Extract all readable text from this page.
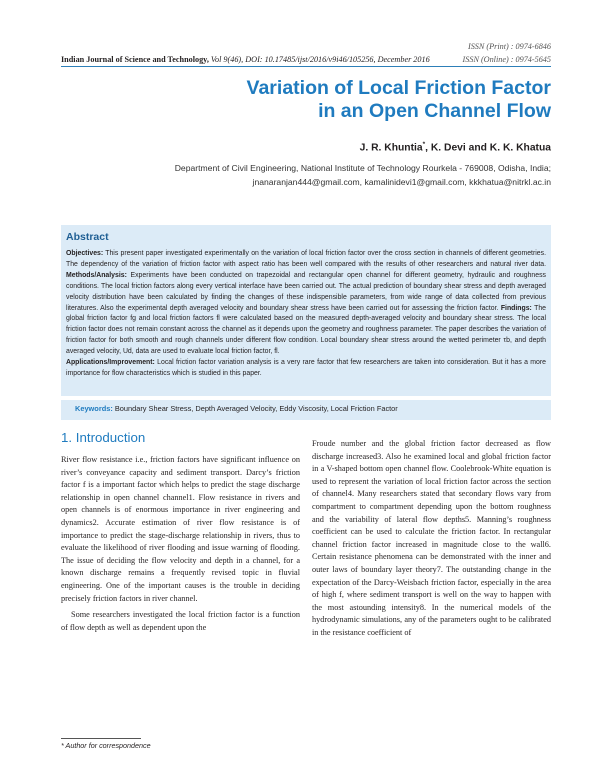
ISSN (Print) : 0974-6846
ISSN (Online) : 0974-5645
Indian Journal of Science and Technology, Vol 9(46), DOI: 10.17485/ijst/2016/v9i46/105256, December 2016
Variation of Local Friction Factor
in an Open Channel Flow
J. R. Khuntia*, K. Devi and K. K. Khatua
Department of Civil Engineering, National Institute of Technology Rourkela - 769008, Odisha, India;
jnanaranjan444@gmail.com, kamalinidevi1@gmail.com, kkkhatua@nitrkl.ac.in
Abstract
Objectives: This present paper investigated experimentally on the variation of local friction factor over the cross section in channels of different geometries. The dependency of the variation of friction factor with aspect ratio has been well compared with the results of other researchers and natural river data. Methods/Analysis: Experiments have been conducted on trapezoidal and rectangular open channel for different geometry, hydraulic and roughness conditions. The local friction factors along every vertical interface have been carried out. The actual prediction of boundary shear stress and depth averaged velocity distribution have been calculated by finding the changes of these indispensible parameters, from wide range of data collected from previous literatures. Also the experimental depth averaged velocity and boundary shear stress have been carried out for assessing the friction factor. Findings: The global friction factor fg and local friction factors fl were calculated based on the measured depth-averaged velocity and boundary shear stress. The local friction factor does not remain constant across the channel as it depends upon the geometry and roughness parameter. The paper describes the variation of friction factor for both smooth and rough channels under different flow condition. Local boundary shear stress around the wetted perimeter τb, and depth averaged velocity, Ud, data are used to evaluate local friction factor, fl.
Applications/Improvement: Local friction factor variation analysis is a very rare factor that few researchers are taken into consideration. But it has a more importance for flow characteristics which is studied in this paper.
Keywords: Boundary Shear Stress, Depth Averaged Velocity, Eddy Viscosity, Local Friction Factor
1. Introduction

River flow resistance i.e., friction factors have significant influence on river’s conveyance capacity and sediment transport. Darcy’s friction factor f is a important factor which helps to predict the stage discharge relationship in open channel channel1. Flow resistance in rivers and open channels is of enormous importance in river engineering and dynamics2. Accurate estimation of river flow resistance is of importance to predict the stage-discharge relationship in rivers, thus to evaluate the likelihood of river flooding and issue warning of flooding. The issue of deciding the flow velocity and depth in a channel, for a known discharge remains a frequently revised topic in fluvial engineering. One of the important causes is the trouble in deciding precisely friction factors in river channel.

Some researchers investigated the local friction factor is a function of flow depth as well as dependent upon the

Froude number and the global friction factor decreased as flow discharge increased3. Also he examined local and global friction factor in a V-shaped bottom open channel flow. Coolebrook-White equation is used to represent the variation of local friction factor across the section of channel4. Many researchers stated that secondary flows vary from compartment to compartment depending upon the bottom roughness and the variability of lateral flow depths5. Manning’s roughness coefficient can be used to calculate the friction factor. In rectangular channel friction factor increased in magnitude close to the wall6. Certain resistance phenomena can be demonstrated with the inner and outer laws of boundary layer theory7. The outstanding change in the expectation of the Darcy-Weisbach friction factor, especially in the area of high f, where sediment transport is well on the way to happen with the most astounding intensity8. In the numerical models of the hydrodynamic simulations, any of the parameters ought to be calibrated in the resistance coefficient of

* Author for correspondence
